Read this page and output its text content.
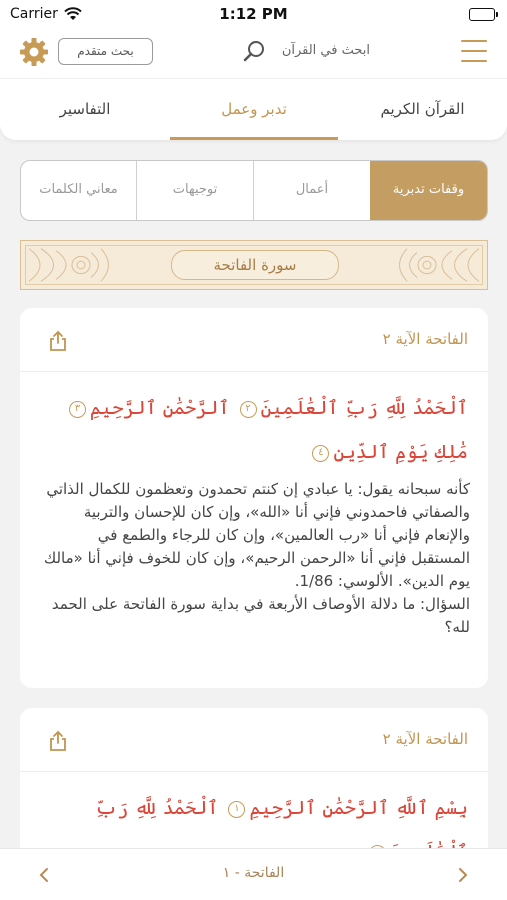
Carrier	1:12 PM
بحث متقدم	ابحث في القرآن
القرآن الكريم
تدبر وعمل
التفاسير
وقفات تدبرية
أعمال
توجيهات
معاني الكلمات
سورة الفاتحة
الفاتحة الآية ٢
ٱلْحَمْدُ لِلَّهِ رَبِّ ٱلْعَٰلَمِينَ٢ ٱلرَّحْمَٰنِ ٱلرَّحِيمِ٣ مَٰلِكِ يَوْمِ ٱلدِّينِ٤
كأنه سبحانه يقول: يا عبادي إن كنتم تحمدون وتعظمون للكمال الذاتي والصفاتي فاحمدوني فإني أنا «الله»، وإن كان للإحسان والتربية والإنعام فإني أنا «رب العالمين»، وإن كان للرجاء والطمع في المستقبل فإني أنا «الرحمن الرحيم»، وإن كان للخوف فإني أنا «مالك يوم الدين». الألوسي: 1/86.
السؤال: ما دلالة الأوصاف الأربعة في بداية سورة الفاتحة على الحمد لله؟
الفاتحة الآية ٢
بِسْمِ ٱللَّهِ ٱلرَّحْمَٰنِ ٱلرَّحِيمِ١ ٱلْحَمْدُ لِلَّهِ رَبِّ
الفاتحة - ١
